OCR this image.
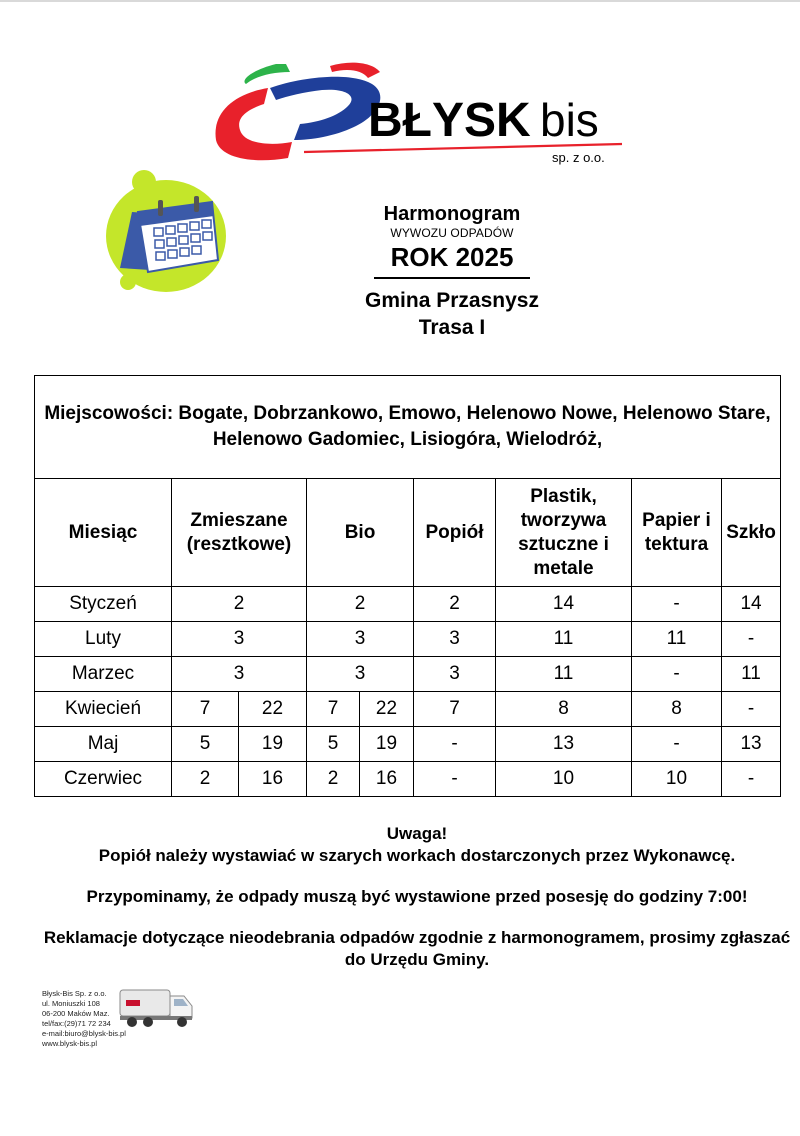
BŁYSK bis
sp. z o.o.
Harmonogram
WYWOZU ODPADÓW
ROK 2025
Gmina Przasnysz
Trasa I
Miejscowości: Bogate, Dobrzankowo, Emowo, Helenowo Nowe, Helenowo Stare, Helenowo Gadomiec, Lisiogóra, Wielodróż,								
Miesiąc	Zmieszane (resztkowe)		Bio		Popiół	Plastik, tworzywa sztuczne i metale	Papier i tektura	Szkło
Styczeń	2		2		2	14	-	14
Luty	3		3		3	11	11	-
Marzec	3		3		3	11	-	11
Kwiecień	7	22	7	22	7	8	8	-
Maj	5	19	5	19	-	13	-	13
Czerwiec	2	16	2	16	-	10	10	-

Uwaga!

Popiół należy wystawiać w szarych workach dostarczonych przez Wykonawcę.

Przypominamy, że odpady muszą być wystawione przed posesję do godziny 7:00!

Reklamacje dotyczące nieodebrania odpadów zgodnie z harmonogramem, prosimy zgłaszać do Urzędu Gminy.

Błysk-Bis Sp. z o.o.
ul. Moniuszki 108
06-200 Maków Maz.
tel/fax:(29)71 72 234
e-mail:biuro@blysk-bis.pl
www.blysk-bis.pl
